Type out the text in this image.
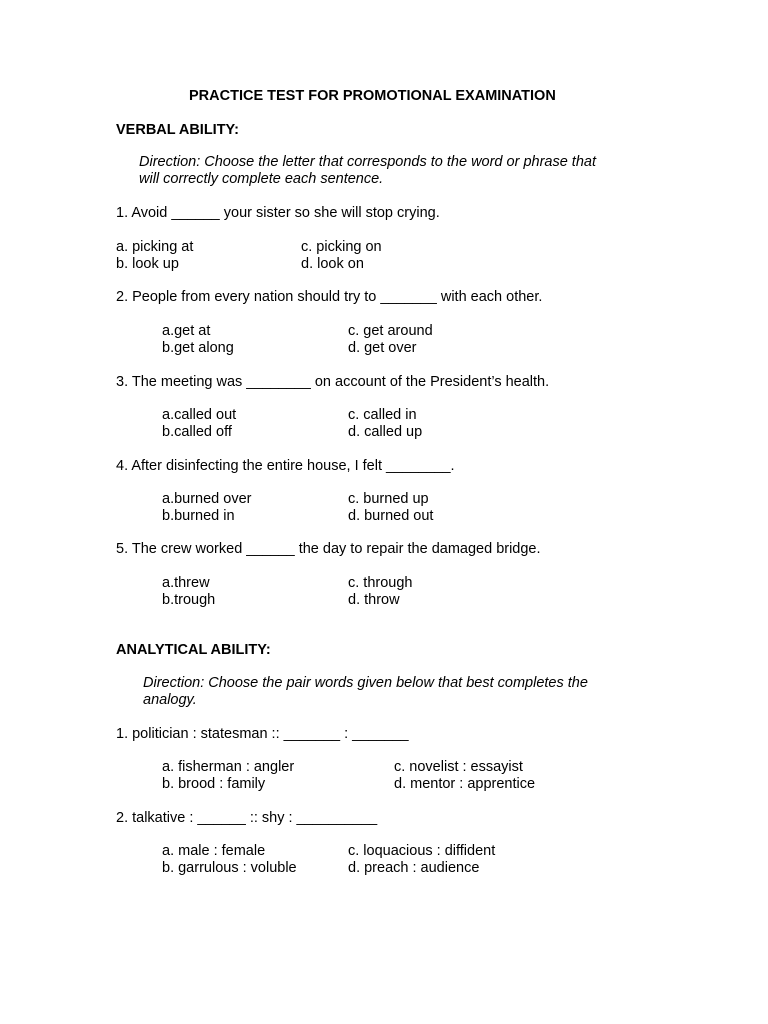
PRACTICE TEST FOR PROMOTIONAL EXAMINATION
VERBAL ABILITY:
Direction: Choose the letter that corresponds to the word or phrase that
will correctly complete each sentence.
1. Avoid ______ your sister so she will stop crying.
a. picking at
b. look up
c. picking on
d. look on
2. People from every nation should try to _______ with each other.
a.get at
b.get along
c. get around
d. get over
3. The meeting was ________ on account of the President’s health.
a.called out
b.called off
c. called in
d. called up
4. After disinfecting the entire house, I felt ________.
a.burned over
b.burned in
c. burned up
d. burned out
5. The crew worked ______ the day to repair the damaged bridge.
a.threw
b.trough
c. through
d. throw
ANALYTICAL ABILITY:
Direction: Choose the pair words given below that best completes the
analogy.
1. politician : statesman :: _______ : _______
a. fisherman : angler
b. brood : family
c. novelist : essayist
d. mentor : apprentice
2. talkative : ______ :: shy : __________
a. male : female
b. garrulous : voluble
c. loquacious : diffident
d. preach : audience
